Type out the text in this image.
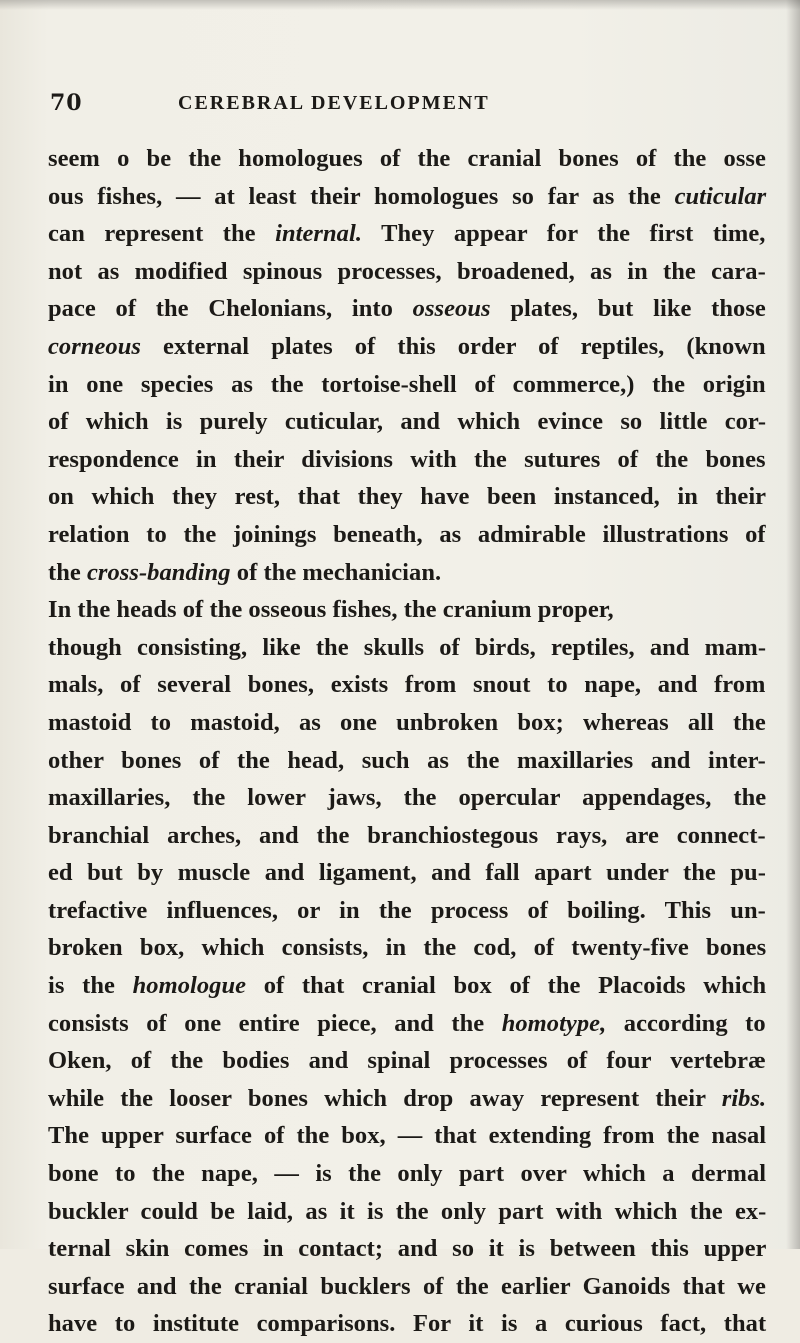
70	CEREBRAL DEVELOPMENT
seem o be the homologues of the cranial bones of the osse
ous fishes, — at least their homologues so far as the cuticular
can represent the internal. They appear for the first time,
not as modified spinous processes, broadened, as in the cara-
pace of the Chelonians, into osseous plates, but like those
corneous external plates of this order of reptiles, (known
in one species as the tortoise-shell of commerce,) the origin
of which is purely cuticular, and which evince so little cor-
respondence in their divisions with the sutures of the bones
on which they rest, that they have been instanced, in their
relation to the joinings beneath, as admirable illustrations of
the cross-banding of the mechanician.
In the heads of the osseous fishes, the cranium proper,
though consisting, like the skulls of birds, reptiles, and mam-
mals, of several bones, exists from snout to nape, and from
mastoid to mastoid, as one unbroken box; whereas all the
other bones of the head, such as the maxillaries and inter-
maxillaries, the lower jaws, the opercular appendages, the
branchial arches, and the branchiostegous rays, are connect-
ed but by muscle and ligament, and fall apart under the pu-
trefactive influences, or in the process of boiling. This un-
broken box, which consists, in the cod, of twenty-five bones
is the homologue of that cranial box of the Placoids which
consists of one entire piece, and the homotype, according to
Oken, of the bodies and spinal processes of four vertebræ
while the looser bones which drop away represent their ribs.
The upper surface of the box, — that extending from the nasal
bone to the nape, — is the only part over which a dermal
buckler could be laid, as it is the only part with which the ex-
ternal skin comes in contact; and so it is between this upper
surface and the cranial bucklers of the earlier Ganoids that we
have to institute comparisons. For it is a curious fact, that
